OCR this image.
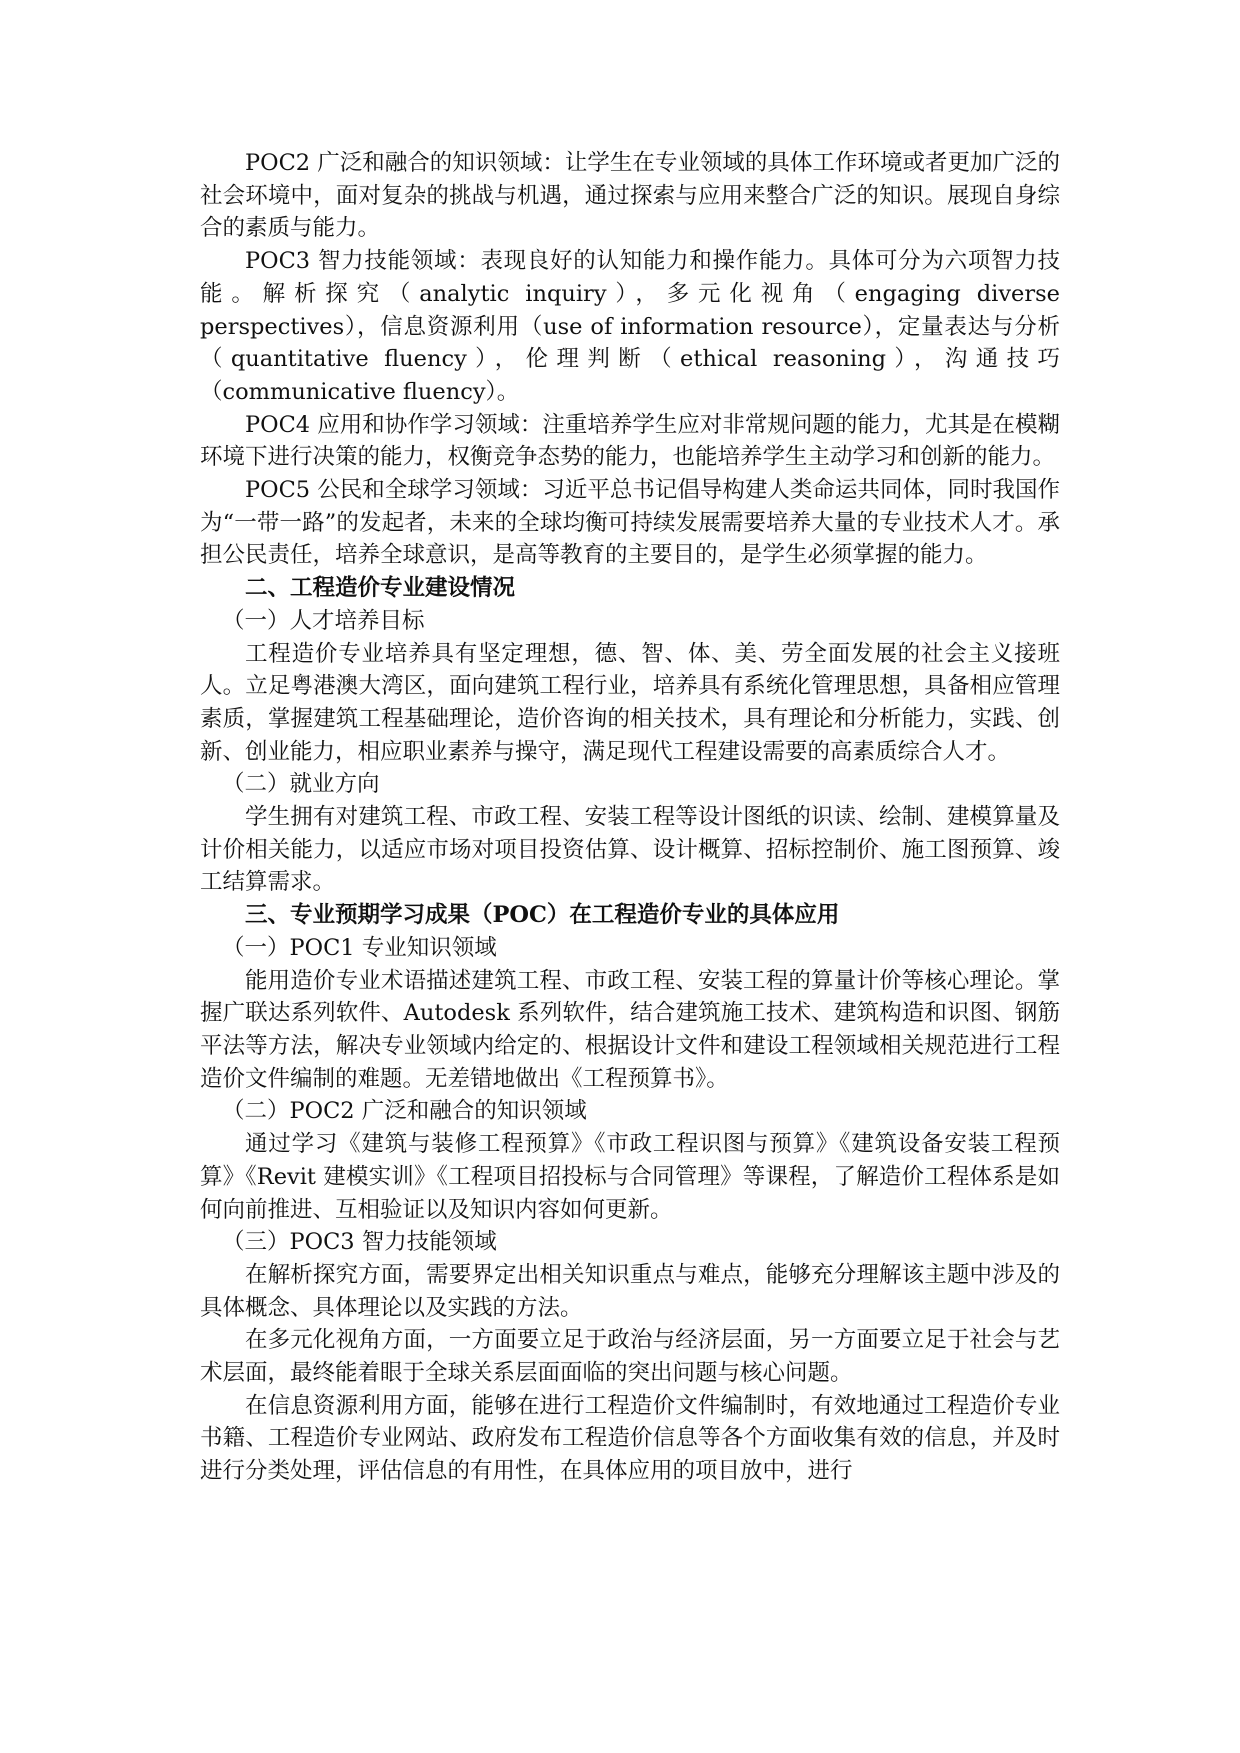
POC2 广泛和融合的知识领域：让学生在专业领域的具体工作环境或者更加广泛的社会环境中，面对复杂的挑战与机遇，通过探索与应用来整合广泛的知识。展现自身综合的素质与能力。

POC3 智力技能领域：表现良好的认知能力和操作能力。具体可分为六项智力技能。解析探究（analytic inquiry），多元化视角（engaging diverse perspectives），信息资源利用（use of information resource），定量表达与分析（quantitative fluency），伦理判断（ethical reasoning），沟通技巧（communicative fluency）。

POC4 应用和协作学习领域：注重培养学生应对非常规问题的能力，尤其是在模糊环境下进行决策的能力，权衡竞争态势的能力，也能培养学生主动学习和创新的能力。

POC5 公民和全球学习领域：习近平总书记倡导构建人类命运共同体，同时我国作为“一带一路”的发起者，未来的全球均衡可持续发展需要培养大量的专业技术人才。承担公民责任，培养全球意识，是高等教育的主要目的，是学生必须掌握的能力。

二、工程造价专业建设情况

（一）人才培养目标

工程造价专业培养具有坚定理想，德、智、体、美、劳全面发展的社会主义接班人。立足粤港澳大湾区，面向建筑工程行业，培养具有系统化管理思想，具备相应管理素质，掌握建筑工程基础理论，造价咨询的相关技术，具有理论和分析能力，实践、创新、创业能力，相应职业素养与操守，满足现代工程建设需要的高素质综合人才。

（二）就业方向

学生拥有对建筑工程、市政工程、安装工程等设计图纸的识读、绘制、建模算量及计价相关能力，以适应市场对项目投资估算、设计概算、招标控制价、施工图预算、竣工结算需求。

三、专业预期学习成果（POC）在工程造价专业的具体应用

（一）POC1 专业知识领域

能用造价专业术语描述建筑工程、市政工程、安装工程的算量计价等核心理论。掌握广联达系列软件、Autodesk 系列软件，结合建筑施工技术、建筑构造和识图、钢筋平法等方法，解决专业领域内给定的、根据设计文件和建设工程领域相关规范进行工程造价文件编制的难题。无差错地做出《工程预算书》。

（二）POC2 广泛和融合的知识领域

通过学习《建筑与装修工程预算》《市政工程识图与预算》《建筑设备安装工程预算》《Revit 建模实训》《工程项目招投标与合同管理》等课程，了解造价工程体系是如何向前推进、互相验证以及知识内容如何更新。

（三）POC3 智力技能领域

在解析探究方面，需要界定出相关知识重点与难点，能够充分理解该主题中涉及的具体概念、具体理论以及实践的方法。

在多元化视角方面，一方面要立足于政治与经济层面，另一方面要立足于社会与艺术层面，最终能着眼于全球关系层面面临的突出问题与核心问题。

在信息资源利用方面，能够在进行工程造价文件编制时，有效地通过工程造价专业书籍、工程造价专业网站、政府发布工程造价信息等各个方面收集有效的信息，并及时进行分类处理，评估信息的有用性，在具体应用的项目放中，进行
